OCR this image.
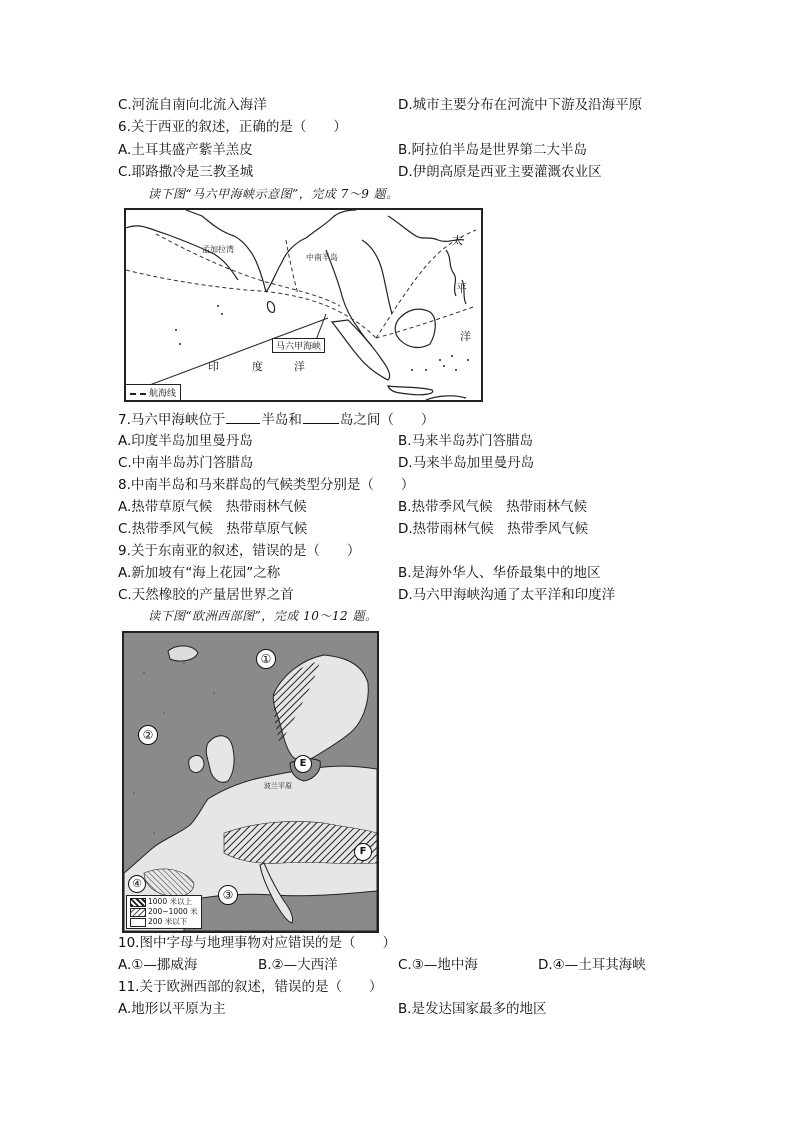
C.河流自南向北流入海洋	D.城市主要分布在河流中下游及沿海平原
6.关于西亚的叙述，正确的是（　　）
A.土耳其盛产紫羊羔皮	B.阿拉伯半岛是世界第二大半岛
C.耶路撒冷是三教圣城	D.伊朗高原是西亚主要灌溉农业区
读下图“马六甲海峡示意图”，完成 7～9 题。
孟加拉湾
印	度	洋
太
平
洋
中南半岛
马六甲海峡
航海线
7.马六甲海峡位于	半岛和	岛之间（　　）
A.印度半岛加里曼丹岛	B.马来半岛苏门答腊岛
C.中南半岛苏门答腊岛	D.马来半岛加里曼丹岛
8.中南半岛和马来群岛的气候类型分别是（　　）
A.热带草原气候　热带雨林气候	B.热带季风气候　热带雨林气候
C.热带季风气候　热带草原气候	D.热带雨林气候　热带季风气候
9.关于东南亚的叙述，错误的是（　　）
A.新加坡有“海上花园”之称	B.是海外华人、华侨最集中的地区
C.天然橡胶的产量居世界之首	D.马六甲海峡沟通了太平洋和印度洋
读下图“欧洲西部图”，完成 10～12 题。
①
②
③
④
E
F
波兰平原
1000 米以上
200~1000 米
200 米以下
10.图中字母与地理事物对应错误的是（　　）
A.①—挪威海	B.②—大西洋	C.③—地中海	D.④—土耳其海峡
11.关于欧洲西部的叙述，错误的是（　　）
A.地形以平原为主	B.是发达国家最多的地区
